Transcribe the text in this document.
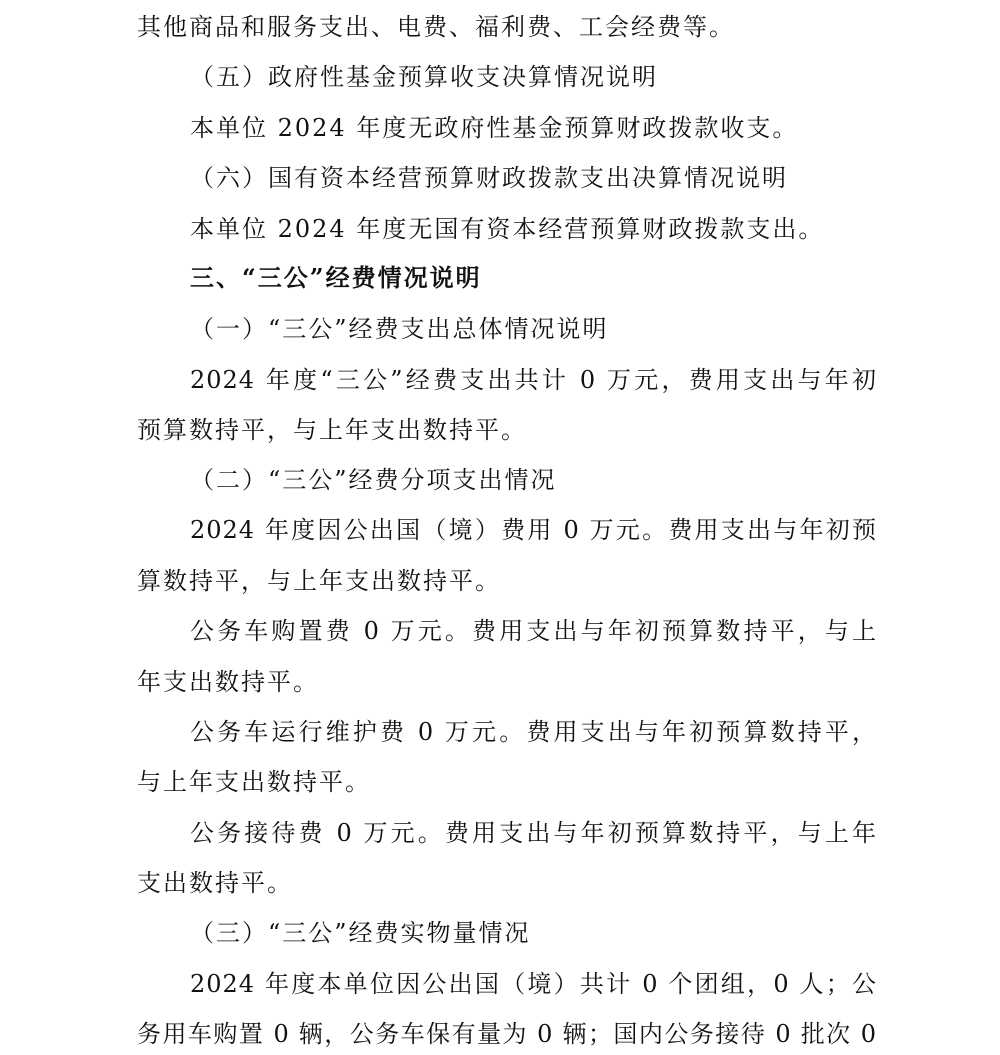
其他商品和服务支出、电费、福利费、工会经费等。
（五）政府性基金预算收支决算情况说明
本单位 2024 年度无政府性基金预算财政拨款收支。
（六）国有资本经营预算财政拨款支出决算情况说明
本单位 2024 年度无国有资本经营预算财政拨款支出。
三、“三公”经费情况说明
（一）“三公”经费支出总体情况说明
2024 年度“三公”经费支出共计 0 万元，费用支出与年初
预算数持平，与上年支出数持平。
（二）“三公”经费分项支出情况
2024 年度因公出国（境）费用 0 万元。费用支出与年初预
算数持平，与上年支出数持平。
公务车购置费 0 万元。费用支出与年初预算数持平，与上
年支出数持平。
公务车运行维护费 0 万元。费用支出与年初预算数持平，
与上年支出数持平。
公务接待费 0 万元。费用支出与年初预算数持平，与上年
支出数持平。
（三）“三公”经费实物量情况
2024 年度本单位因公出国（境）共计 0 个团组，0 人；公
务用车购置 0 辆，公务车保有量为 0 辆；国内公务接待 0 批次 0
